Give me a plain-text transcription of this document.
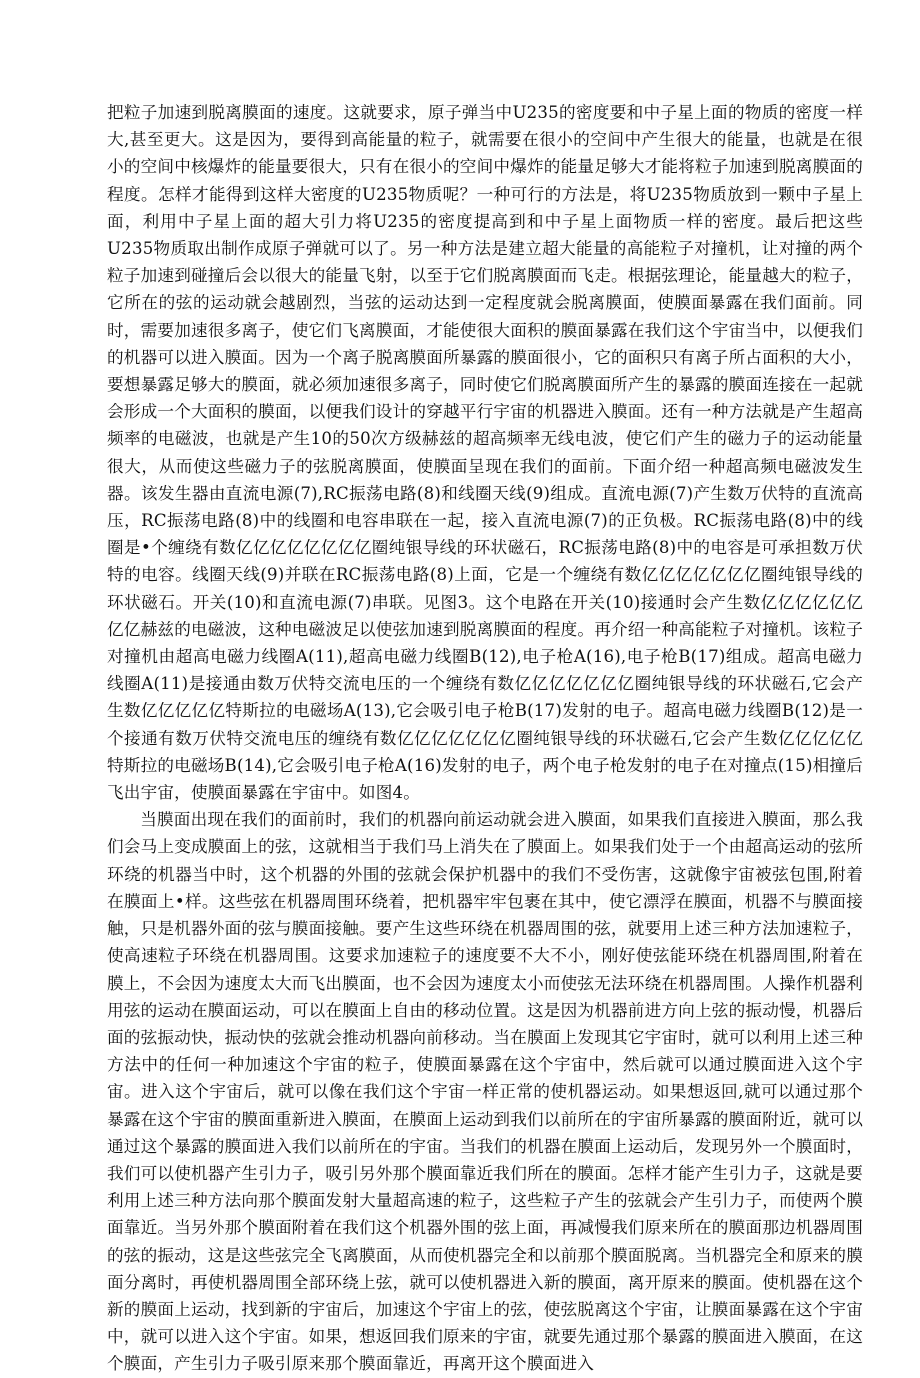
把粒子加速到脱离膜面的速度。这就要求，原子弹当中U235的密度要和中子星上面的物质的密度一样大,甚至更大。这是因为，要得到高能量的粒子，就需要在很小的空间中产生很大的能量，也就是在很小的空间中核爆炸的能量要很大，只有在很小的空间中爆炸的能量足够大才能将粒子加速到脱离膜面的程度。怎样才能得到这样大密度的U235物质呢？一种可行的方法是，将U235物质放到一颗中子星上面，利用中子星上面的超大引力将U235的密度提高到和中子星上面物质一样的密度。最后把这些U235物质取出制作成原子弹就可以了。另一种方法是建立超大能量的高能粒子对撞机，让对撞的两个粒子加速到碰撞后会以很大的能量飞射，以至于它们脱离膜面而飞走。根据弦理论，能量越大的粒子，它所在的弦的运动就会越剧烈，当弦的运动达到一定程度就会脱离膜面，使膜面暴露在我们面前。同时，需要加速很多离子，使它们飞离膜面，才能使很大面积的膜面暴露在我们这个宇宙当中，以便我们的机器可以进入膜面。因为一个离子脱离膜面所暴露的膜面很小，它的面积只有离子所占面积的大小，要想暴露足够大的膜面，就必须加速很多离子，同时使它们脱离膜面所产生的暴露的膜面连接在一起就会形成一个大面积的膜面，以便我们设计的穿越平行宇宙的机器进入膜面。还有一种方法就是产生超高频率的电磁波，也就是产生10的50次方级赫兹的超高频率无线电波，使它们产生的磁力子的运动能量很大，从而使这些磁力子的弦脱离膜面，使膜面呈现在我们的面前。下面介绍一种超高频电磁波发生器。该发生器由直流电源(7),RC振荡电路(8)和线圈天线(9)组成。直流电源(7)产生数万伏特的直流高压，RC振荡电路(8)中的线圈和电容串联在一起，接入直流电源(7)的正负极。RC振荡电路(8)中的线圈是•个缠绕有数亿亿亿亿亿亿亿亿圈纯银导线的环状磁石，RC振荡电路(8)中的电容是可承担数万伏特的电容。线圈天线(9)并联在RC振荡电路(8)上面，它是一个缠绕有数亿亿亿亿亿亿亿圈纯银导线的环状磁石。开关(10)和直流电源(7)串联。见图3。这个电路在开关(10)接通时会产生数亿亿亿亿亿亿亿亿赫兹的电磁波，这种电磁波足以使弦加速到脱离膜面的程度。再介绍一种高能粒子对撞机。该粒子对撞机由超高电磁力线圈A(11),超高电磁力线圈B(12),电子枪A(16),电子枪B(17)组成。超高电磁力线圈A(11)是接通由数万伏特交流电压的一个缠绕有数亿亿亿亿亿亿亿圈纯银导线的环状磁石,它会产生数亿亿亿亿亿特斯拉的电磁场A(13),它会吸引电子枪B(17)发射的电子。超高电磁力线圈B(12)是一个接通有数万伏特交流电压的缠绕有数亿亿亿亿亿亿亿圈纯银导线的环状磁石,它会产生数亿亿亿亿亿特斯拉的电磁场B(14),它会吸引电子枪A(16)发射的电子，两个电子枪发射的电子在对撞点(15)相撞后飞出宇宙，使膜面暴露在宇宙中。如图4。

当膜面出现在我们的面前时，我们的机器向前运动就会进入膜面，如果我们直接进入膜面，那么我们会马上变成膜面上的弦，这就相当于我们马上消失在了膜面上。如果我们处于一个由超高运动的弦所环绕的机器当中时，这个机器的外围的弦就会保护机器中的我们不受伤害，这就像宇宙被弦包围,附着在膜面上•样。这些弦在机器周围环绕着，把机器牢牢包裹在其中，使它漂浮在膜面，机器不与膜面接触，只是机器外面的弦与膜面接触。要产生这些环绕在机器周围的弦，就要用上述三种方法加速粒子，使高速粒子环绕在机器周围。这要求加速粒子的速度要不大不小，刚好使弦能环绕在机器周围,附着在膜上，不会因为速度太大而飞出膜面，也不会因为速度太小而使弦无法环绕在机器周围。人操作机器利用弦的运动在膜面运动，可以在膜面上自由的移动位置。这是因为机器前进方向上弦的振动慢，机器后面的弦振动快，振动快的弦就会推动机器向前移动。当在膜面上发现其它宇宙时，就可以利用上述三种方法中的任何一种加速这个宇宙的粒子，使膜面暴露在这个宇宙中，然后就可以通过膜面进入这个宇宙。进入这个宇宙后，就可以像在我们这个宇宙一样正常的使机器运动。如果想返回,就可以通过那个暴露在这个宇宙的膜面重新进入膜面，在膜面上运动到我们以前所在的宇宙所暴露的膜面附近，就可以通过这个暴露的膜面进入我们以前所在的宇宙。当我们的机器在膜面上运动后，发现另外一个膜面时，我们可以使机器产生引力子，吸引另外那个膜面靠近我们所在的膜面。怎样才能产生引力子，这就是要利用上述三种方法向那个膜面发射大量超高速的粒子，这些粒子产生的弦就会产生引力子，而使两个膜面靠近。当另外那个膜面附着在我们这个机器外围的弦上面，再减慢我们原来所在的膜面那边机器周围的弦的振动，这是这些弦完全飞离膜面，从而使机器完全和以前那个膜面脱离。当机器完全和原来的膜面分离时，再使机器周围全部环绕上弦，就可以使机器进入新的膜面，离开原来的膜面。使机器在这个新的膜面上运动，找到新的宇宙后，加速这个宇宙上的弦，使弦脱离这个宇宙，让膜面暴露在这个宇宙中，就可以进入这个宇宙。如果，想返回我们原来的宇宙，就要先通过那个暴露的膜面进入膜面，在这个膜面，产生引力子吸引原来那个膜面靠近，再离开这个膜面进入
